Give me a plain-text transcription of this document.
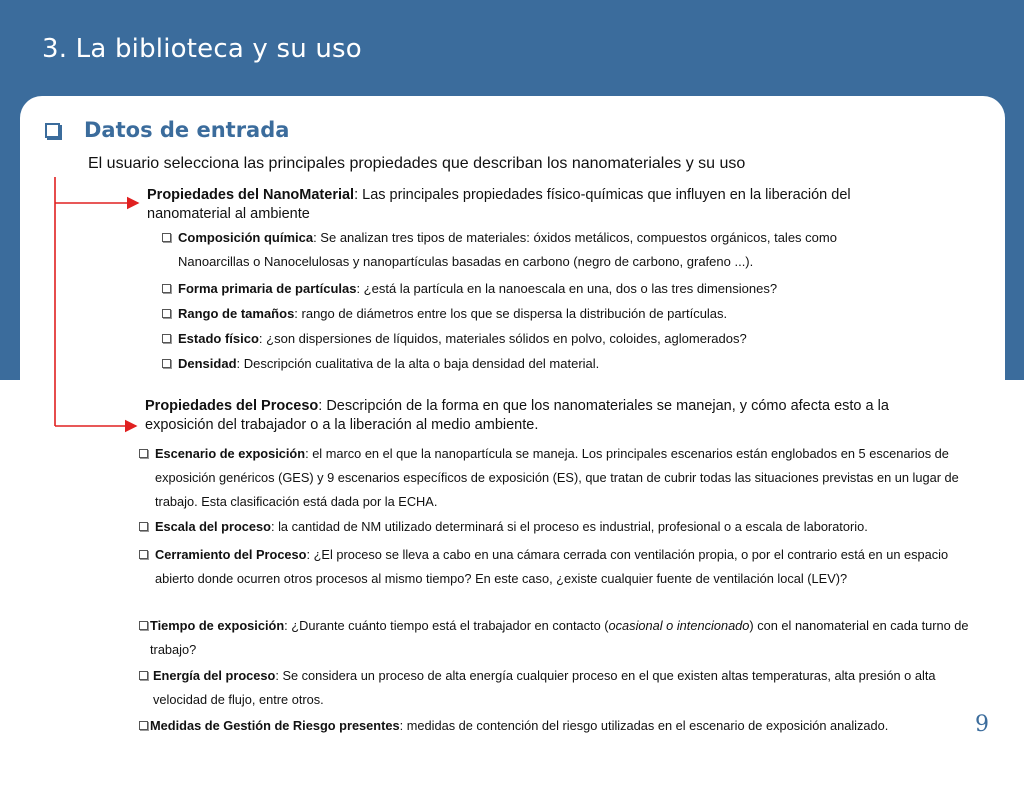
3. La biblioteca y su uso
Datos de entrada
El usuario selecciona las principales propiedades que describan los nanomateriales y su uso
Propiedades del NanoMaterial: Las principales propiedades físico-químicas que influyen en la liberación del nanomaterial al ambiente
Composición química: Se analizan tres tipos de materiales: óxidos metálicos, compuestos orgánicos, tales como Nanoarcillas o Nanocelulosas y nanopartículas basadas en carbono (negro de carbono, grafeno ...).
Forma primaria de partículas: ¿está la partícula en la nanoescala en una, dos o las tres dimensiones?
Rango de tamaños: rango de diámetros entre los que se dispersa la distribución de partículas.
Estado físico: ¿son dispersiones de líquidos, materiales sólidos en polvo, coloides, aglomerados?
Densidad: Descripción cualitativa de la alta o baja densidad del material.
Propiedades del Proceso: Descripción de la forma en que los nanomateriales se manejan, y cómo afecta esto a la exposición del trabajador o a la liberación al medio ambiente.
Escenario de exposición: el marco en el que la nanopartícula se maneja. Los principales escenarios están englobados en 5 escenarios de exposición genéricos (GES) y 9 escenarios específicos de exposición (ES), que tratan de cubrir todas las situaciones previstas en un lugar de trabajo. Esta clasificación está dada por la ECHA.
Escala del proceso: la cantidad de NM utilizado determinará si el proceso es industrial, profesional o a escala de laboratorio.
Cerramiento del Proceso: ¿El proceso se lleva a cabo en una cámara cerrada con ventilación propia, o por el contrario está en un espacio abierto donde ocurren otros procesos al mismo tiempo? En este caso, ¿existe cualquier fuente de ventilación local (LEV)?
Tiempo de exposición: ¿Durante cuánto tiempo está el trabajador en contacto (ocasional o intencionado) con el nanomaterial en cada turno de trabajo?
Energía del proceso: Se considera un proceso de alta energía cualquier proceso en el que existen altas temperaturas, alta presión o alta velocidad de flujo, entre otros.
Medidas de Gestión de Riesgo presentes: medidas de contención del riesgo utilizadas en el escenario de exposición analizado.	9
